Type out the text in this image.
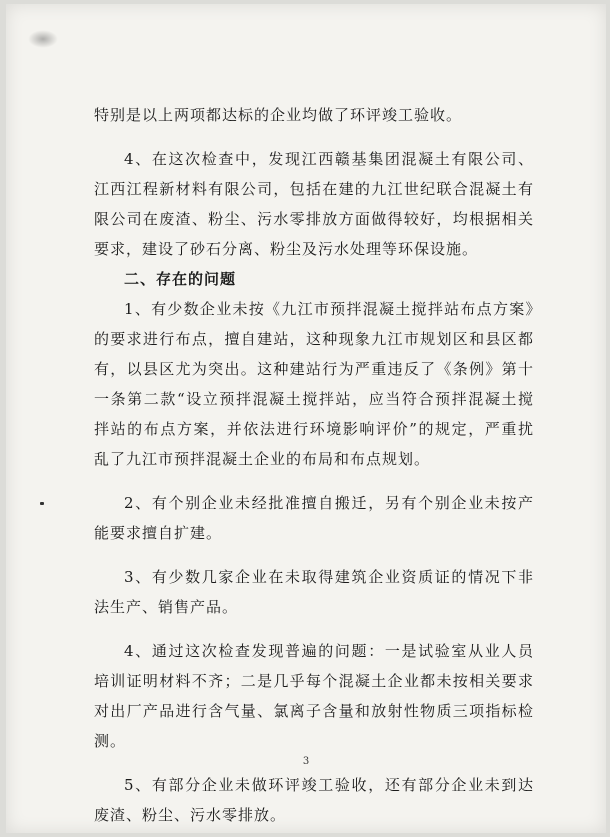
特别是以上两项都达标的企业均做了环评竣工验收。

4、在这次检查中，发现江西赣基集团混凝土有限公司、江西江程新材料有限公司，包括在建的九江世纪联合混凝土有限公司在废渣、粉尘、污水零排放方面做得较好，均根据相关要求，建设了砂石分离、粉尘及污水处理等环保设施。

二、存在的问题

1、有少数企业未按《九江市预拌混凝土搅拌站布点方案》的要求进行布点，擅自建站，这种现象九江市规划区和县区都有，以县区尤为突出。这种建站行为严重违反了《条例》第十一条第二款“设立预拌混凝土搅拌站，应当符合预拌混凝土搅拌站的布点方案，并依法进行环境影响评价”的规定，严重扰乱了九江市预拌混凝土企业的布局和布点规划。

2、有个别企业未经批准擅自搬迁，另有个别企业未按产能要求擅自扩建。

3、有少数几家企业在未取得建筑企业资质证的情况下非法生产、销售产品。

4、通过这次检查发现普遍的问题：一是试验室从业人员培训证明材料不齐；二是几乎每个混凝土企业都未按相关要求对出厂产品进行含气量、氯离子含量和放射性物质三项指标检测。

5、有部分企业未做环评竣工验收，还有部分企业未到达废渣、粉尘、污水零排放。

3
